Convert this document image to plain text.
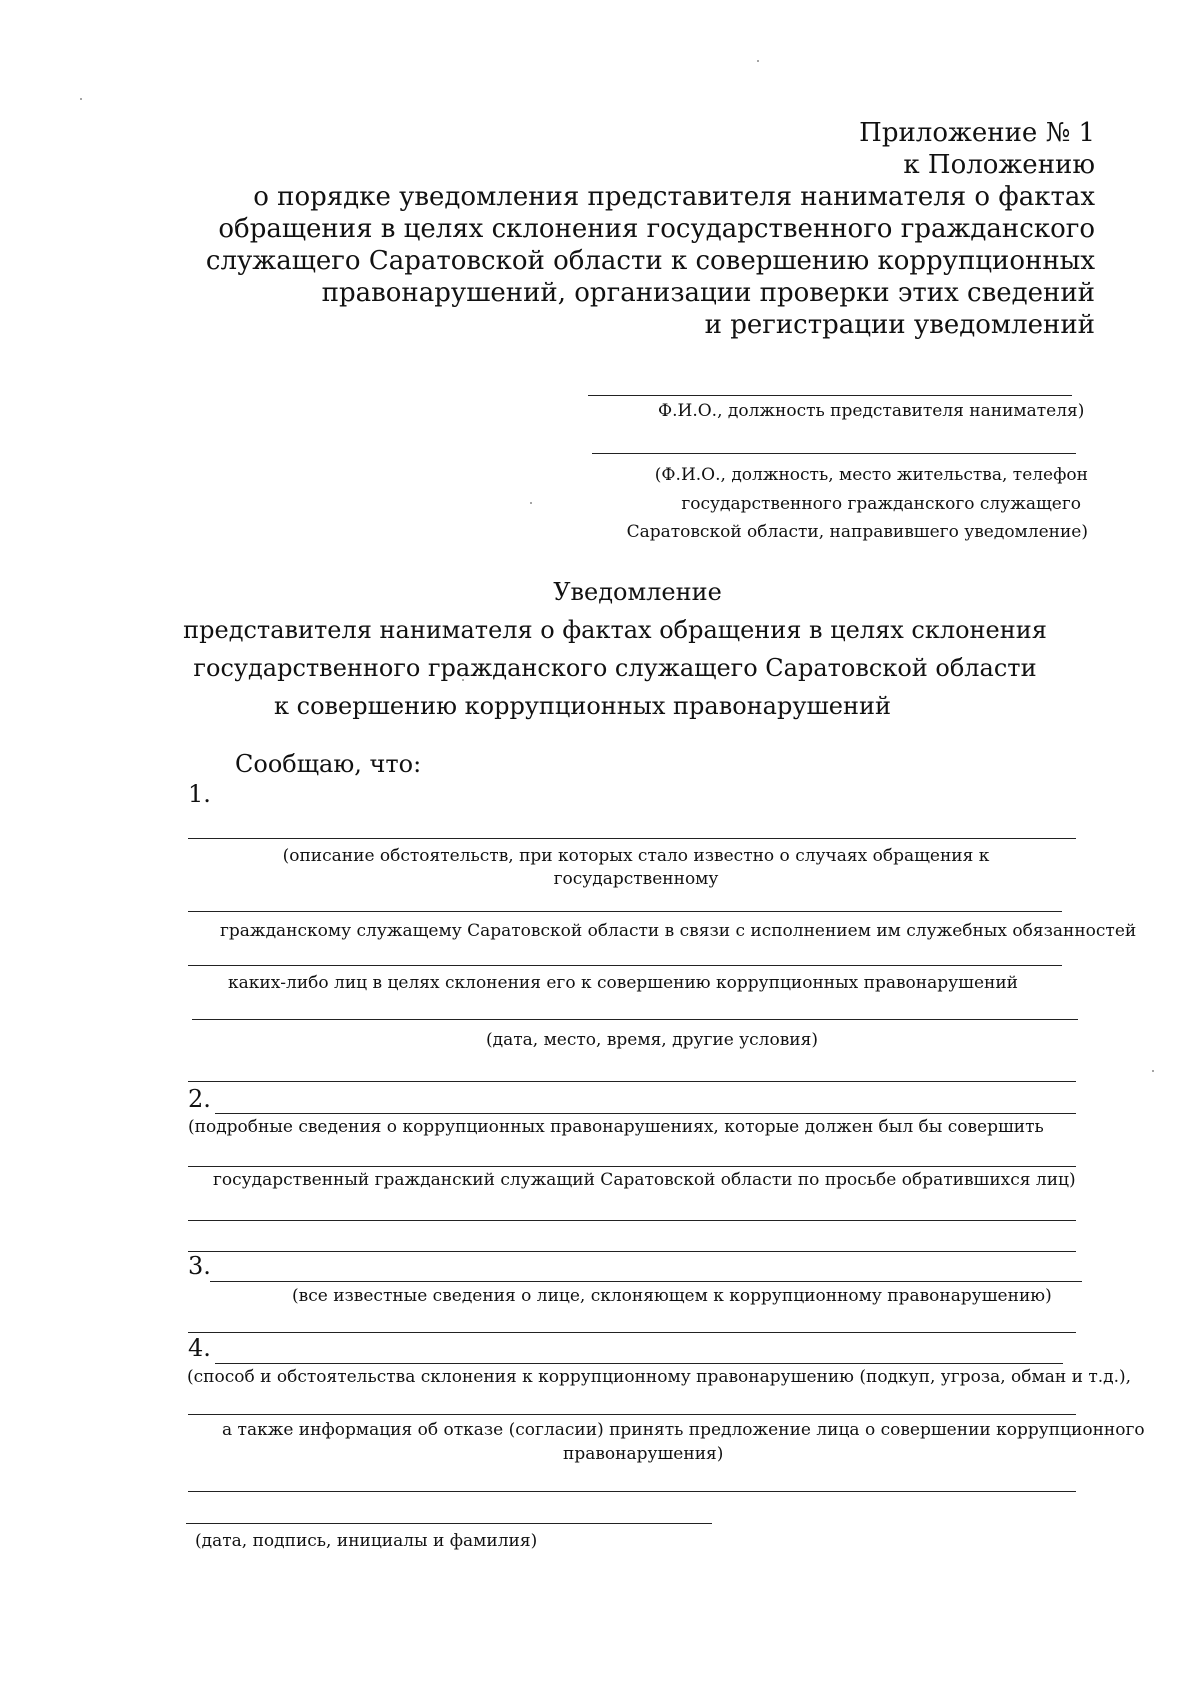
Приложение № 1
к Положению
о порядке уведомления представителя нанимателя о фактах
обращения в целях склонения государственного гражданского
служащего Саратовской области к совершению коррупционных
правонарушений, организации проверки этих сведений
и регистрации уведомлений
Ф.И.О., должность представителя нанимателя)
(Ф.И.О., должность, место жительства, телефон
государственного гражданского служащего
Саратовской области, направившего уведомление)
Уведомление
представителя нанимателя о фактах обращения в целях склонения
государственного гражданского служащего Саратовской области
к совершению коррупционных правонарушений
Сообщаю, что:
1.
(описание обстоятельств, при которых стало известно о случаях обращения к
государственному
гражданскому служащему Саратовской области в связи с исполнением им служебных обязанностей
каких-либо лиц в целях склонения его к совершению коррупционных правонарушений
(дата, место, время, другие условия)
2.
(подробные сведения о коррупционных правонарушениях, которые должен был бы совершить
государственный гражданский служащий Саратовской области по просьбе обратившихся лиц)
3.
(все известные сведения о лице, склоняющем к коррупционному правонарушению)
4.
(способ и обстоятельства склонения к коррупционному правонарушению (подкуп, угроза, обман и т.д.),
а также информация об отказе (согласии) принять предложение лица о совершении коррупционного
правонарушения)
(дата, подпись, инициалы и фамилия)
